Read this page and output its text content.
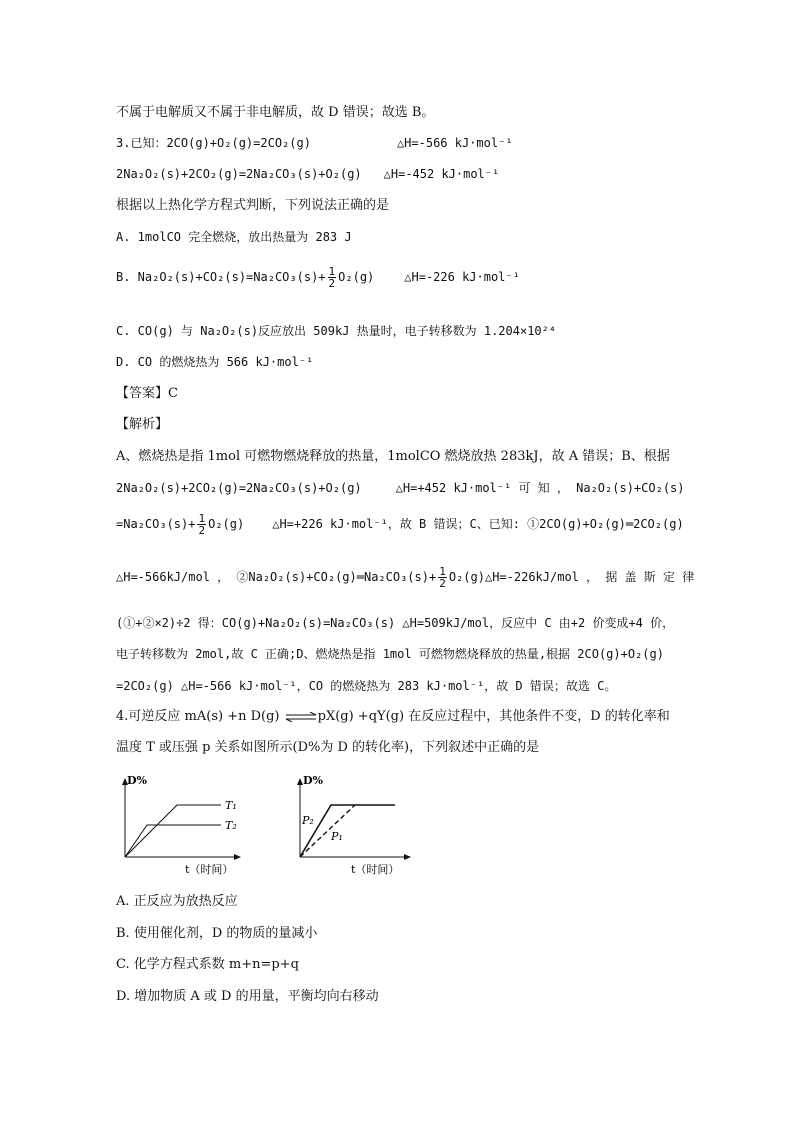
不属于电解质又不属于非电解质，故 D 错误；故选 B。
3.已知：2CO(g)+O₂(g)=2CO₂(g)	△H=-566 kJ·mol⁻¹
2Na₂O₂(s)+2CO₂(g)=2Na₂CO₃(s)+O₂(g) △H=-452 kJ·mol⁻¹
根据以上热化学方程式判断，下列说法正确的是
A. 1molCO 完全燃烧，放出热量为 283 J
B. $Na_2O_2(s)+CO_2(s)=Na_2CO_3(s)+ \frac{1}{2} O_2(g)$	△H=-226 kJ·mol⁻¹
C. CO(g) 与 Na₂O₂(s)反应放出 509kJ 热量时，电子转移数为 1.204×10²⁴
D. CO 的燃烧热为 566 kJ·mol⁻¹
【答案】C
【解析】
A、燃烧热是指 1mol 可燃物燃烧释放的热量，1molCO 燃烧放热 283kJ，故 A 错误；B、根据
2Na₂O₂(s)+2CO₂(g)=2Na₂CO₃(s)+O₂(g)	△H=+452 kJ·mol⁻¹ 可 知 ， Na₂O₂(s)+CO₂(s)
$=Na_2CO_3(s)+ \frac{1}{2} O_2(g)$ △H=+226 kJ·mol⁻¹，故 B 错误；C、已知: ①2CO(g)+O₂(g)═2CO₂(g)
△H=-566kJ/mol ， ②Na₂O₂(s)+CO₂(g)═Na₂CO₃(s)+ $\frac{1}{2}$ O₂(g)△H=-226kJ/mol ， 据 盖 斯 定 律
(①+②×2)÷2 得：CO(g)+Na₂O₂(s)=Na₂CO₃(s) △H=509kJ/mol，反应中 C 由+2 价变成+4 价，
电子转移数为 2mol,故 C 正确;D、燃烧热是指 1mol 可燃物燃烧释放的热量,根据 2CO(g)+O₂(g)
=2CO₂(g) △H=-566 kJ·mol⁻¹，CO 的燃烧热为 283 kJ·mol⁻¹，故 D 错误；故选 C。
4.可逆反应 mA(s) +n D(g) ⇌pX(g) +qY(g) 在反应过程中，其他条件不变，D 的转化率和
温度 T 或压强 p 关系如图所示(D%为 D 的转化率)，下列叙述中正确的是
D%
T₁
T₂
t（时间）
D%
P₂
P₁
t（时间）
A. 正反应为放热反应
B. 使用催化剂，D 的物质的量减小
C. 化学方程式系数 m+n=p+q
D. 增加物质 A 或 D 的用量，平衡均向右移动
